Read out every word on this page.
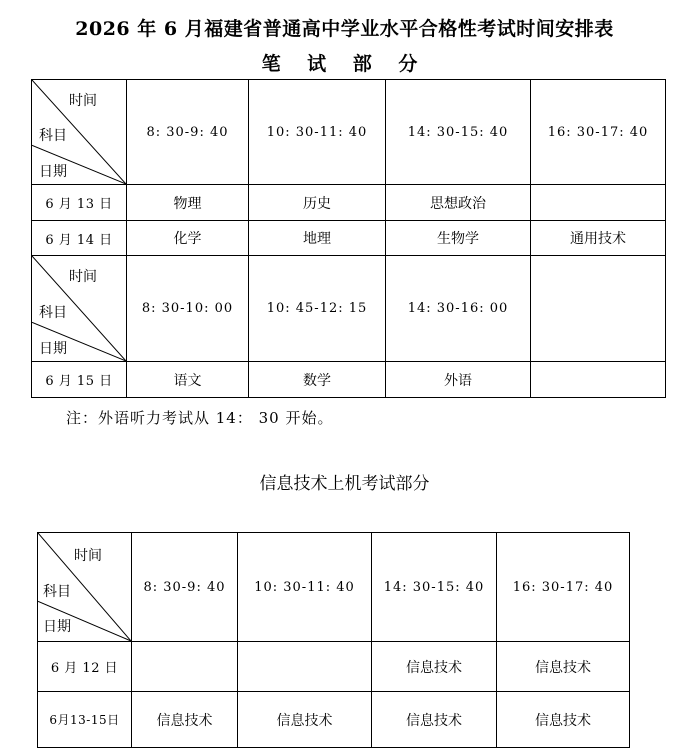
2026 年 6 月福建省普通高中学业水平合格性考试时间安排表
笔 试 部 分
时间
科目
日期	8: 30-9: 40	10: 30-11: 40	14: 30-15: 40	16: 30-17: 40
6 月 13 日	物理	历史	思想政治	
6 月 14 日	化学	地理	生物学	通用技术

时间
科目
日期	8: 30-10: 00	10: 45-12: 15	14: 30-16: 00	
6 月 15 日	语文	数学	外语	
注：外语听力考试从 14： 30 开始。
信息技术上机考试部分
时间
科目
日期	8: 30-9: 40	10: 30-11: 40	14: 30-15: 40	16: 30-17: 40
6 月 12 日			信息技术	信息技术
6月13-15日	信息技术	信息技术	信息技术	信息技术
